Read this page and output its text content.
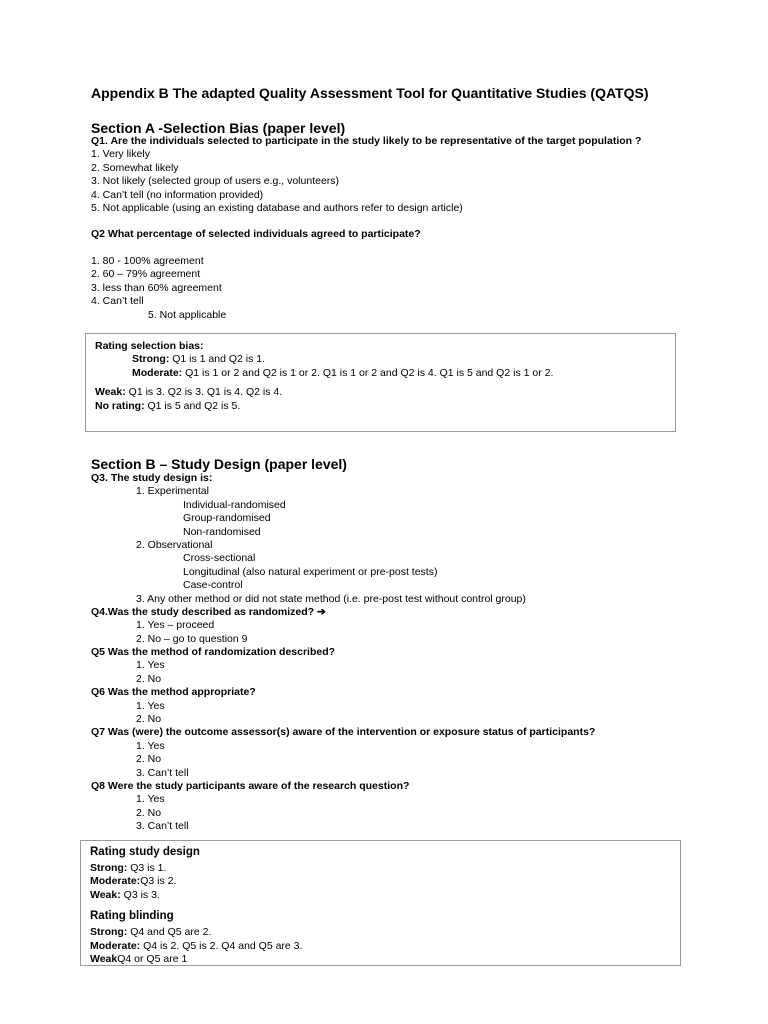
Appendix B The adapted Quality Assessment Tool for Quantitative Studies (QATQS)
Section A -Selection Bias (paper level)
Q1. Are the individuals selected to participate in the study likely to be representative of the target population ?
1. Very likely
2. Somewhat likely
3. Not likely (selected group of users e.g., volunteers)
4. Can’t tell (no information provided)
5. Not applicable (using an existing database and authors refer to design article)
Q2 What percentage of selected individuals agreed to participate?
1. 80 - 100% agreement
2. 60 – 79% agreement
3. less than 60% agreement
4. Can’t tell
5. Not applicable
Rating selection bias:
Strong: Q1 is 1 and Q2 is 1.
Moderate: Q1 is 1 or 2 and Q2 is 1 or 2. Q1 is 1 or 2 and Q2 is 4. Q1 is 5 and Q2 is 1 or 2.
Weak: Q1 is 3. Q2 is 3. Q1 is 4. Q2 is 4.
No rating: Q1 is 5 and Q2 is 5.
Section B – Study Design (paper level)
Q3. The study design is:
1. Experimental
Individual-randomised
Group-randomised
Non-randomised
2. Observational
Cross-sectional
Longitudinal (also natural experiment or pre-post tests)
Case-control
3. Any other method or did not state method (i.e. pre-post test without control group)
Q4.Was the study described as randomized? ➔
1. Yes – proceed
2. No – go to question 9
Q5 Was the method of randomization described?
1. Yes
2. No
Q6 Was the method appropriate?
1. Yes
2. No
Q7 Was (were) the outcome assessor(s) aware of the intervention or exposure status of participants?
1. Yes
2. No
3. Can’t tell
Q8 Were the study participants aware of the research question?
1. Yes
2. No
3. Can’t tell
Rating study design
Strong: Q3 is 1.
Moderate:Q3 is 2.
Weak: Q3 is 3.
Rating blinding
Strong: Q4 and Q5 are 2.
Moderate: Q4 is 2. Q5 is 2. Q4 and Q5 are 3.
WeakQ4 or Q5 are 1
